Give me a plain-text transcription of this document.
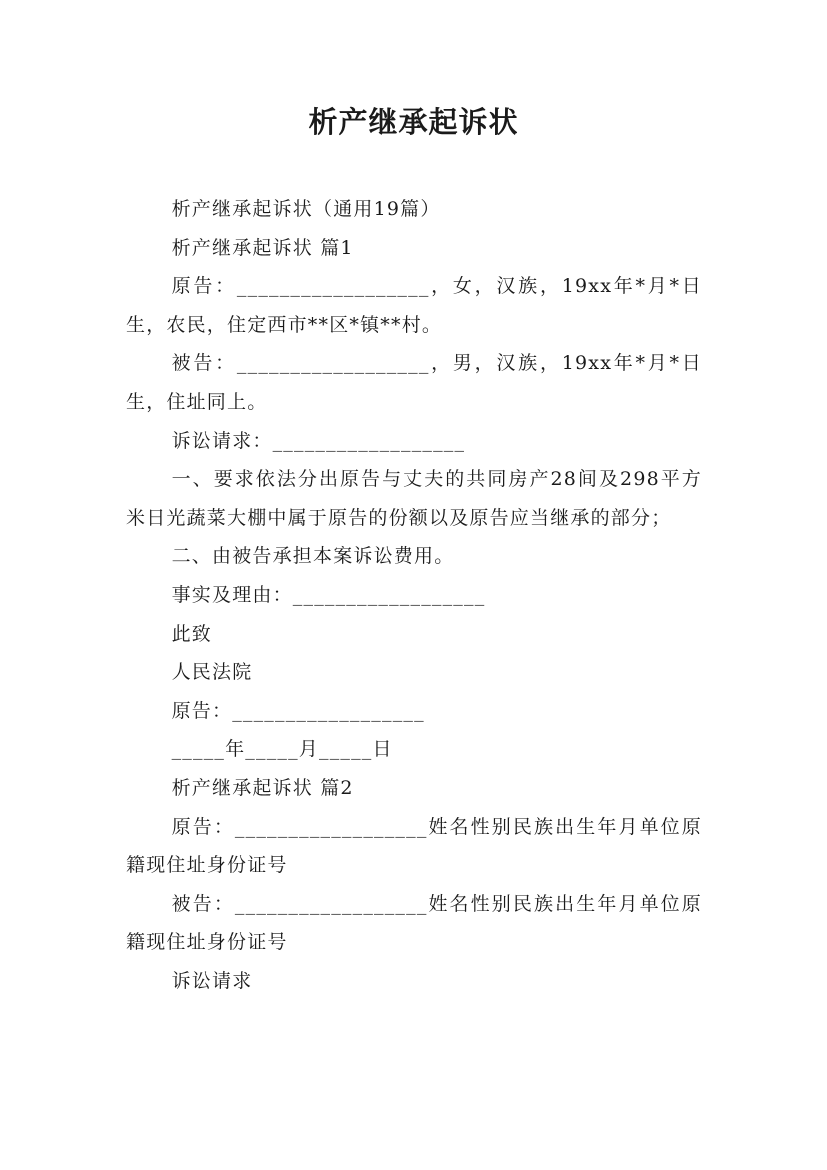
析产继承起诉状

析产继承起诉状（通用19篇）

析产继承起诉状 篇1

原告：__________________，女，汉族，19xx年*月*日生，农民，住定西市**区*镇**村。

被告：__________________，男，汉族，19xx年*月*日生，住址同上。

诉讼请求：__________________

一、要求依法分出原告与丈夫的共同房产28间及298平方米日光蔬菜大棚中属于原告的份额以及原告应当继承的部分；

二、由被告承担本案诉讼费用。

事实及理由：__________________

此致

人民法院

原告：__________________

_____年_____月_____日

析产继承起诉状 篇2

原告：__________________姓名性别民族出生年月单位原籍现住址身份证号

被告：__________________姓名性别民族出生年月单位原籍现住址身份证号

诉讼请求
